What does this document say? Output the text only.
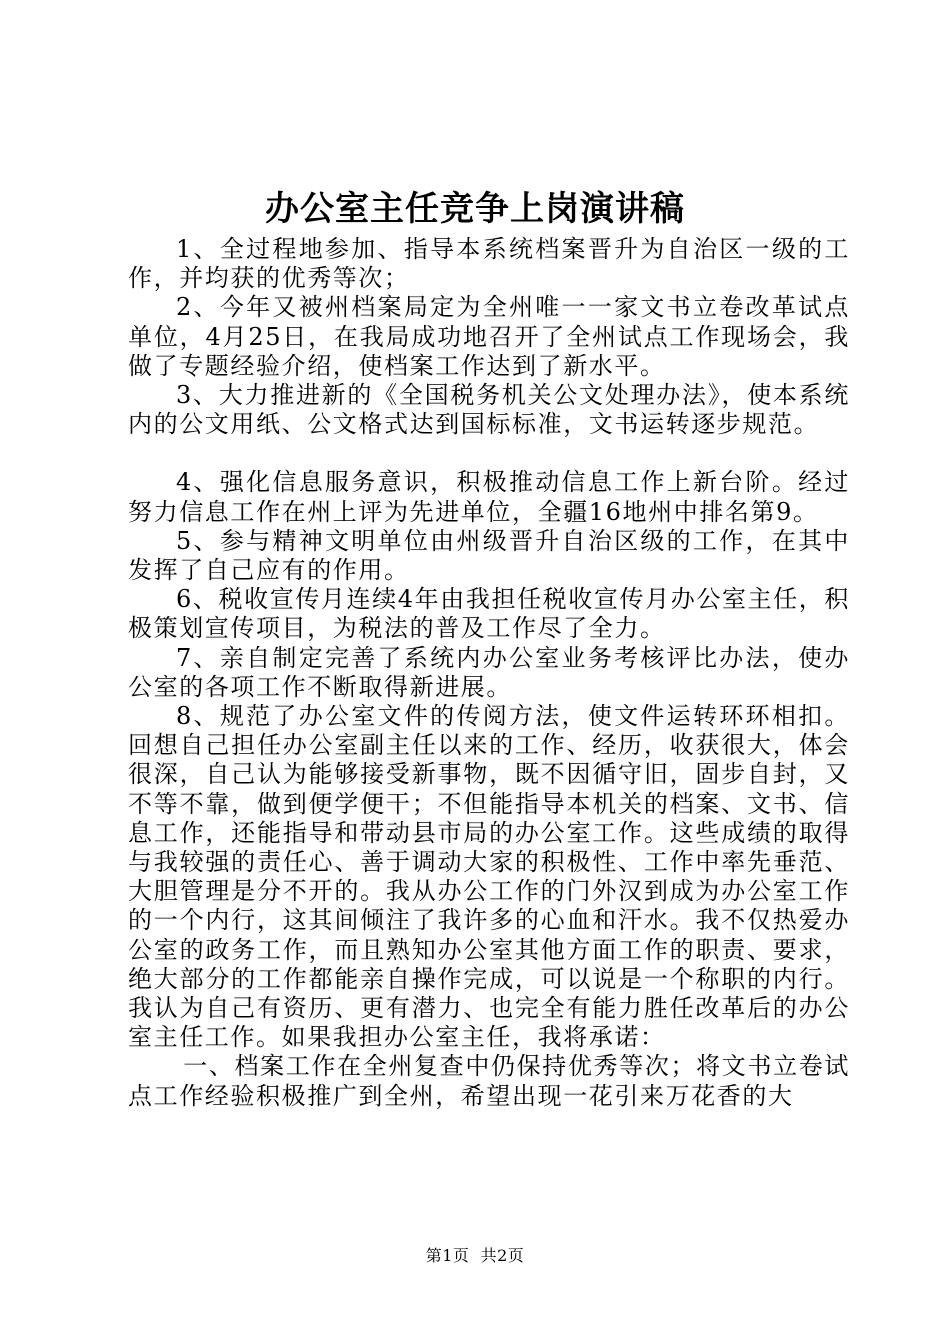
办公室主任竞争上岗演讲稿

1、全过程地参加、指导本系统档案晋升为自治区一级的工作，并均获的优秀等次；

2、今年又被州档案局定为全州唯一一家文书立卷改革试点单位，4月25日，在我局成功地召开了全州试点工作现场会，我做了专题经验介绍，使档案工作达到了新水平。

3、大力推进新的《全国税务机关公文处理办法》，使本系统内的公文用纸、公文格式达到国标标准，文书运转逐步规范。

4、强化信息服务意识，积极推动信息工作上新台阶。经过努力信息工作在州上评为先进单位，全疆16地州中排名第9。

5、参与精神文明单位由州级晋升自治区级的工作，在其中发挥了自己应有的作用。

6、税收宣传月连续4年由我担任税收宣传月办公室主任，积极策划宣传项目，为税法的普及工作尽了全力。

7、亲自制定完善了系统内办公室业务考核评比办法，使办公室的各项工作不断取得新进展。

8、规范了办公室文件的传阅方法，使文件运转环环相扣。回想自己担任办公室副主任以来的工作、经历，收获很大，体会很深，自己认为能够接受新事物，既不因循守旧，固步自封，又不等不靠，做到便学便干；不但能指导本机关的档案、文书、信息工作，还能指导和带动县市局的办公室工作。这些成绩的取得与我较强的责任心、善于调动大家的积极性、工作中率先垂范、大胆管理是分不开的。我从办公工作的门外汉到成为办公室工作的一个内行，这其间倾注了我许多的心血和汗水。我不仅热爱办公室的政务工作，而且熟知办公室其他方面工作的职责、要求，绝大部分的工作都能亲自操作完成，可以说是一个称职的内行。我认为自己有资历、更有潜力、也完全有能力胜任改革后的办公室主任工作。如果我担办公室主任，我将承诺：

一、档案工作在全州复查中仍保持优秀等次；将文书立卷试点工作经验积极推广到全州，希望出现一花引来万花香的大

第1页 共2页
